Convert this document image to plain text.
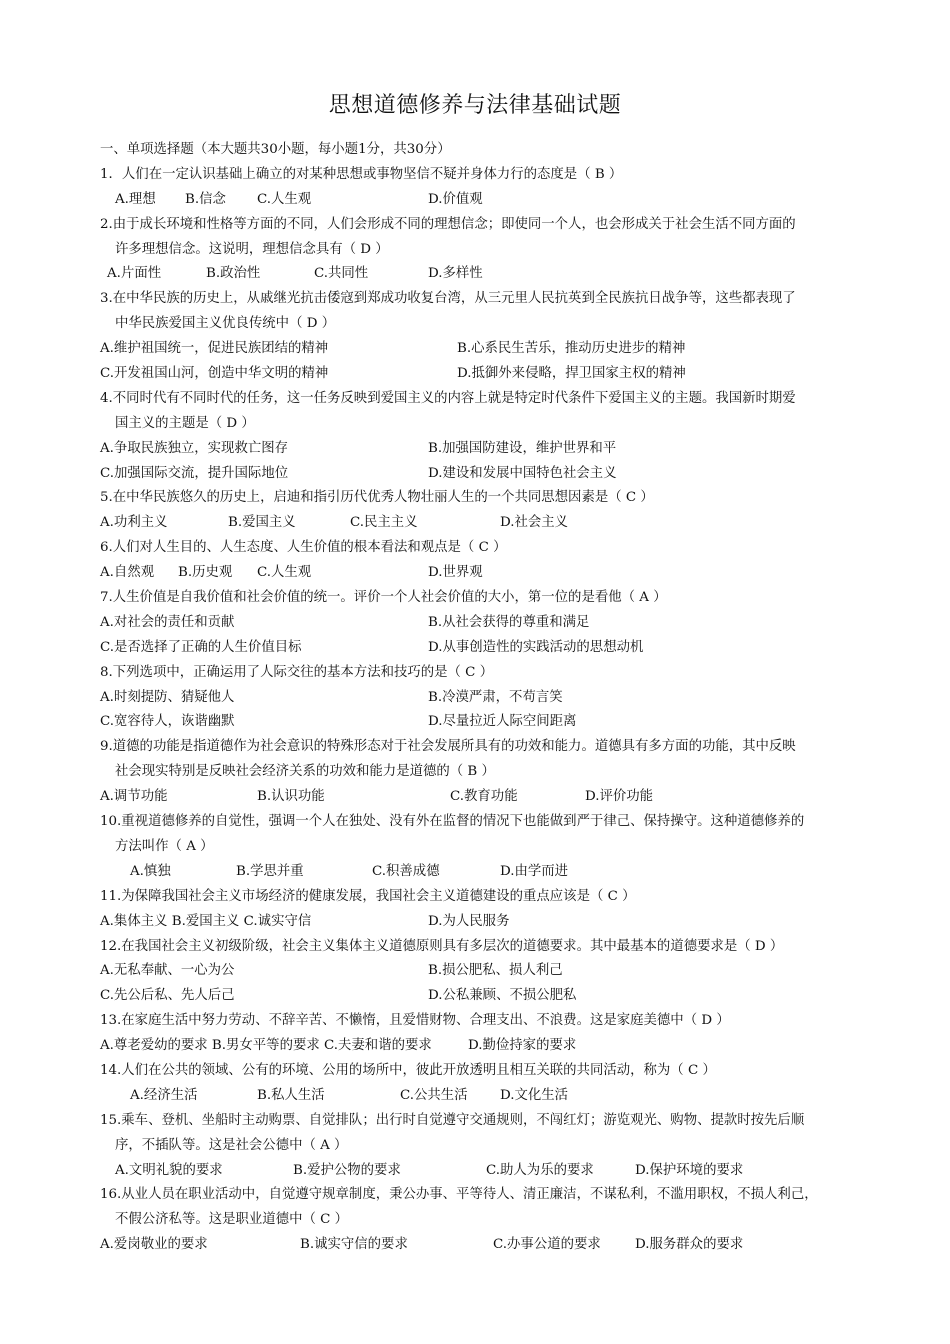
思想道德修养与法律基础试题
一、单项选择题（本大题共30小题，每小题1分，共30分）
1．人们在一定认识基础上确立的对某种思想或事物坚信不疑并身体力行的态度是（ B ）
A.理想 B.信念 C.人生观	D.价值观
2.由于成长环境和性格等方面的不同，人们会形成不同的理想信念；即使同一个人，也会形成关于社会生活不同方面的
许多理想信念。这说明，理想信念具有（ D ）
A.片面性	B.政治性	C.共同性	D.多样性
3.在中华民族的历史上，从戚继光抗击倭寇到郑成功收复台湾，从三元里人民抗英到全民族抗日战争等，这些都表现了
中华民族爱国主义优良传统中（ D ）
A.维护祖国统一，促进民族团结的精神	B.心系民生苦乐，推动历史进步的精神
C.开发祖国山河，创造中华文明的精神	D.抵御外来侵略，捍卫国家主权的精神
4.不同时代有不同时代的任务，这一任务反映到爱国主义的内容上就是特定时代条件下爱国主义的主题。我国新时期爱
国主义的主题是（ D ）
A.争取民族独立，实现救亡图存	B.加强国防建设，维护世界和平
C.加强国际交流，提升国际地位	D.建设和发展中国特色社会主义
5.在中华民族悠久的历史上，启迪和指引历代优秀人物壮丽人生的一个共同思想因素是（ C ）
A.功利主义	B.爱国主义	C.民主主义	D.社会主义
6.人们对人生目的、人生态度、人生价值的根本看法和观点是（ C ）
A.自然观 B.历史观 C.人生观	D.世界观
7.人生价值是自我价值和社会价值的统一。评价一个人社会价值的大小，第一位的是看他（ A ）
A.对社会的责任和贡献	B.从社会获得的尊重和满足
C.是否选择了正确的人生价值目标	D.从事创造性的实践活动的思想动机
8.下列选项中，正确运用了人际交往的基本方法和技巧的是（ C ）
A.时刻提防、猜疑他人	B.冷漠严肃，不苟言笑
C.宽容待人，诙谐幽默	D.尽量拉近人际空间距离
9.道德的功能是指道德作为社会意识的特殊形态对于社会发展所具有的功效和能力。道德具有多方面的功能，其中反映
社会现实特别是反映社会经济关系的功效和能力是道德的（ B ）
A.调节功能	B.认识功能	C.教育功能	D.评价功能
10.重视道德修养的自觉性，强调一个人在独处、没有外在监督的情况下也能做到严于律己、保持操守。这种道德修养的
方法叫作（ A ）
A.慎独	B.学思并重	C.积善成德	D.由学而进
11.为保障我国社会主义市场经济的健康发展，我国社会主义道德建设的重点应该是（ C ）
A.集体主义 B.爱国主义 C.诚实守信	D.为人民服务
12.在我国社会主义初级阶级，社会主义集体主义道德原则具有多层次的道德要求。其中最基本的道德要求是（ D ）
A.无私奉献、一心为公	B.损公肥私、损人利己
C.先公后私、先人后己	D.公私兼顾、不损公肥私
13.在家庭生活中努力劳动、不辞辛苦、不懒惰，且爱惜财物、合理支出、不浪费。这是家庭美德中（ D ）
A.尊老爱幼的要求 B.男女平等的要求 C.夫妻和谐的要求	D.勤俭持家的要求
14.人们在公共的领域、公有的环境、公用的场所中，彼此开放透明且相互关联的共同活动，称为（ C ）
A.经济生活	B.私人生活	C.公共生活 D.文化生活
15.乘车、登机、坐船时主动购票、自觉排队；出行时自觉遵守交通规则，不闯红灯；游览观光、购物、提款时按先后顺
序，不插队等。这是社会公德中（ A ）
A.文明礼貌的要求	B.爱护公物的要求	C.助人为乐的要求	D.保护环境的要求
16.从业人员在职业活动中，自觉遵守规章制度，秉公办事、平等待人、清正廉洁，不谋私利，不滥用职权，不损人利己，
不假公济私等。这是职业道德中（ C ）
A.爱岗敬业的要求	B.诚实守信的要求	C.办事公道的要求	D.服务群众的要求
